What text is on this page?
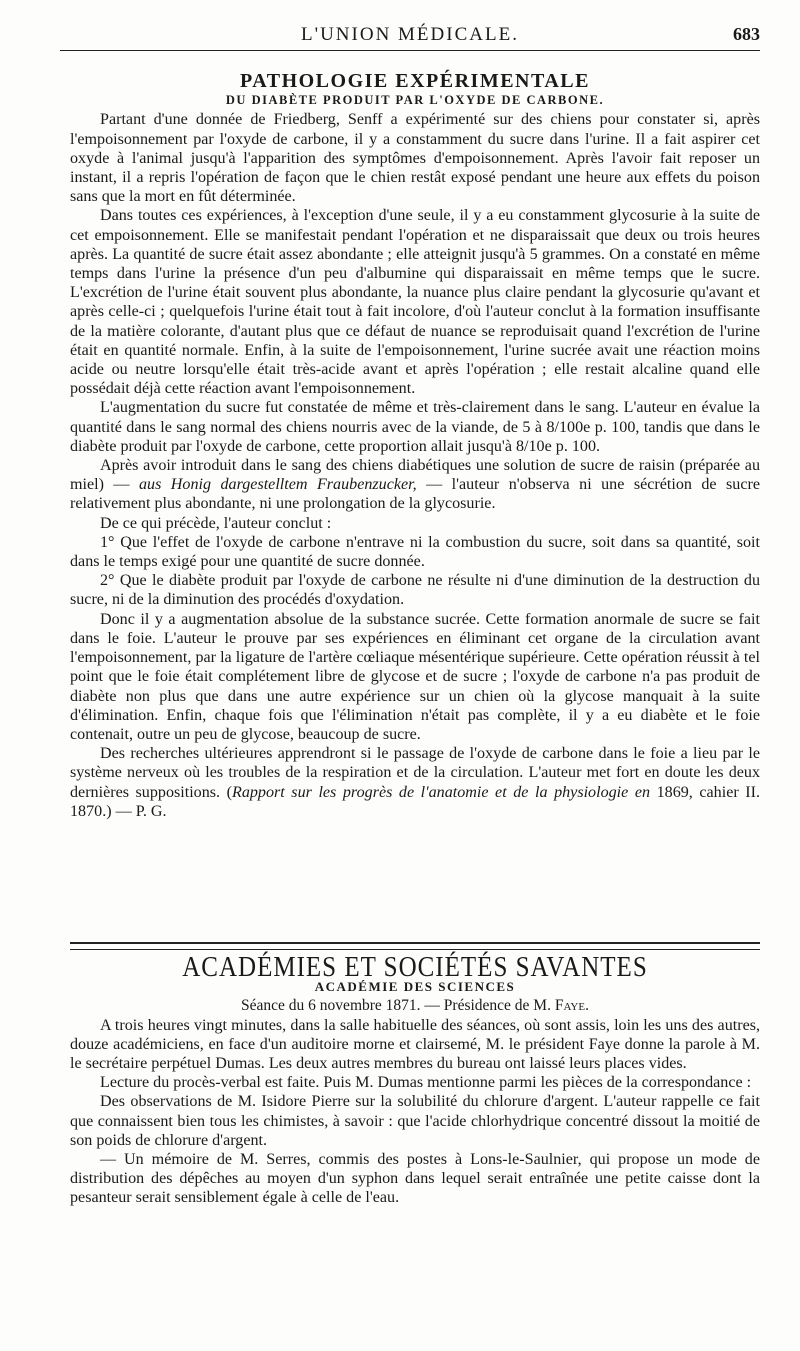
L'UNION MÉDICALE.	683

PATHOLOGIE EXPÉRIMENTALE

DU DIABÈTE PRODUIT PAR L'OXYDE DE CARBONE.

Partant d'une donnée de Friedberg, Senff a expérimenté sur des chiens pour constater si, après l'empoisonnement par l'oxyde de carbone, il y a constamment du sucre dans l'urine. Il a fait aspirer cet oxyde à l'animal jusqu'à l'apparition des symptômes d'empoisonnement. Après l'avoir fait reposer un instant, il a repris l'opération de façon que le chien restât exposé pendant une heure aux effets du poison sans que la mort en fût déterminée.

Dans toutes ces expériences, à l'exception d'une seule, il y a eu constamment glycosurie à la suite de cet empoisonnement. Elle se manifestait pendant l'opération et ne disparaissait que deux ou trois heures après. La quantité de sucre était assez abondante ; elle atteignit jusqu'à 5 grammes. On a constaté en même temps dans l'urine la présence d'un peu d'albumine qui disparaissait en même temps que le sucre. L'excrétion de l'urine était souvent plus abondante, la nuance plus claire pendant la glycosurie qu'avant et après celle-ci ; quelquefois l'urine était tout à fait incolore, d'où l'auteur conclut à la formation insuffisante de la matière colorante, d'autant plus que ce défaut de nuance se reproduisait quand l'excrétion de l'urine était en quantité normale. Enfin, à la suite de l'empoisonnement, l'urine sucrée avait une réaction moins acide ou neutre lorsqu'elle était très-acide avant et après l'opération ; elle restait alcaline quand elle possédait déjà cette réaction avant l'empoisonnement.

L'augmentation du sucre fut constatée de même et très-clairement dans le sang. L'auteur en évalue la quantité dans le sang normal des chiens nourris avec de la viande, de 5 à 8/100e p. 100, tandis que dans le diabète produit par l'oxyde de carbone, cette proportion allait jusqu'à 8/10e p. 100.

Après avoir introduit dans le sang des chiens diabétiques une solution de sucre de raisin (préparée au miel) — aus Honig dargestelltem Fraubenzucker, — l'auteur n'observa ni une sécrétion de sucre relativement plus abondante, ni une prolongation de la glycosurie.

De ce qui précède, l'auteur conclut :

1° Que l'effet de l'oxyde de carbone n'entrave ni la combustion du sucre, soit dans sa quantité, soit dans le temps exigé pour une quantité de sucre donnée.

2° Que le diabète produit par l'oxyde de carbone ne résulte ni d'une diminution de la destruction du sucre, ni de la diminution des procédés d'oxydation.

Donc il y a augmentation absolue de la substance sucrée. Cette formation anormale de sucre se fait dans le foie. L'auteur le prouve par ses expériences en éliminant cet organe de la circulation avant l'empoisonnement, par la ligature de l'artère cœliaque mésentérique supérieure. Cette opération réussit à tel point que le foie était complétement libre de glycose et de sucre ; l'oxyde de carbone n'a pas produit de diabète non plus que dans une autre expérience sur un chien où la glycose manquait à la suite d'élimination. Enfin, chaque fois que l'élimination n'était pas complète, il y a eu diabète et le foie contenait, outre un peu de glycose, beaucoup de sucre.

Des recherches ultérieures apprendront si le passage de l'oxyde de carbone dans le foie a lieu par le système nerveux où les troubles de la respiration et de la circulation. L'auteur met fort en doute les deux dernières suppositions. (Rapport sur les progrès de l'anatomie et de la physiologie en 1869, cahier II. 1870.) — P. G.

ACADÉMIES ET SOCIÉTÉS SAVANTES

ACADÉMIE DES SCIENCES

Séance du 6 novembre 1871. — Présidence de M. Faye.

A trois heures vingt minutes, dans la salle habituelle des séances, où sont assis, loin les uns des autres, douze académiciens, en face d'un auditoire morne et clairsemé, M. le président Faye donne la parole à M. le secrétaire perpétuel Dumas. Les deux autres membres du bureau ont laissé leurs places vides.

Lecture du procès-verbal est faite. Puis M. Dumas mentionne parmi les pièces de la correspondance :

Des observations de M. Isidore Pierre sur la solubilité du chlorure d'argent. L'auteur rappelle ce fait que connaissent bien tous les chimistes, à savoir : que l'acide chlorhydrique concentré dissout la moitié de son poids de chlorure d'argent.

— Un mémoire de M. Serres, commis des postes à Lons-le-Saulnier, qui propose un mode de distribution des dépêches au moyen d'un syphon dans lequel serait entraînée une petite caisse dont la pesanteur serait sensiblement égale à celle de l'eau.
